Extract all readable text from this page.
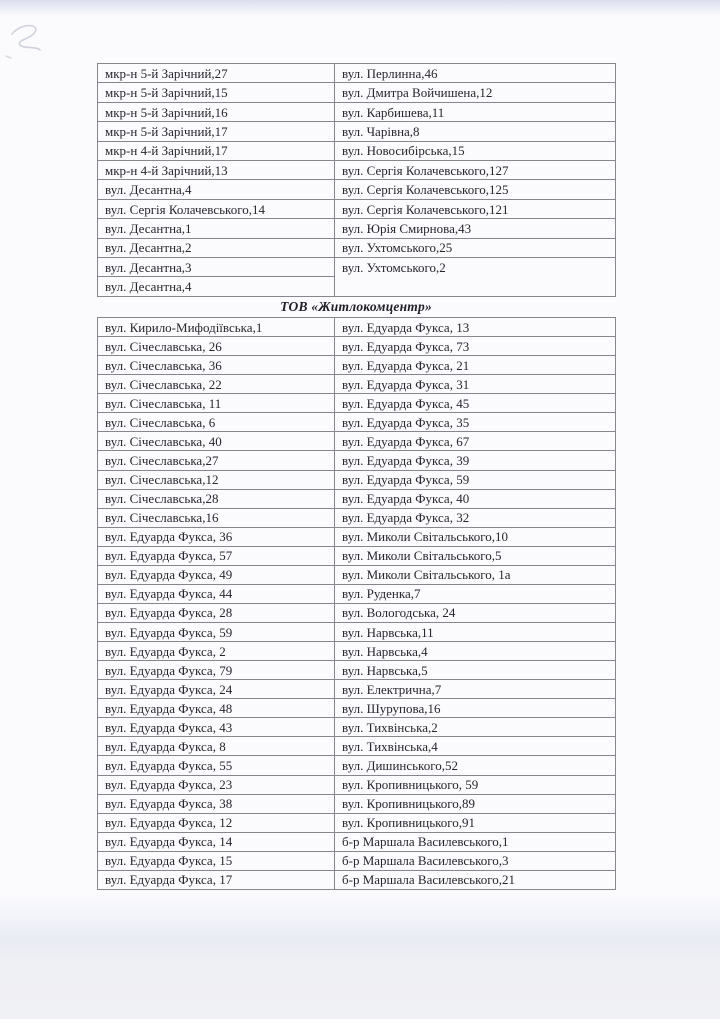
мкр-н 5-й Зарічний,27	вул. Перлинна,46
мкр-н 5-й Зарічний,15	вул. Дмитра Войчишена,12
мкр-н 5-й Зарічний,16	вул. Карбишева,11
мкр-н 5-й Зарічний,17	вул. Чарівна,8
мкр-н 4-й Зарічний,17	вул. Новосибірська,15
мкр-н 4-й Зарічний,13	вул. Сергія Колачевського,127
вул. Десантна,4	вул. Сергія Колачевського,125
вул. Сергія Колачевського,14	вул. Сергія Колачевського,121
вул. Десантна,1	вул. Юрія Смирнова,43
вул. Десантна,2	вул. Ухтомського,25
вул. Десантна,3	вул. Ухтомського,2
вул. Десантна,4	
ТОВ «Житлокомцентр»
вул. Кирило-Мифодіївська,1	вул. Едуарда Фукса, 13
вул. Січеславська, 26	вул. Едуарда Фукса, 73
вул. Січеславська, 36	вул. Едуарда Фукса, 21
вул. Січеславська, 22	вул. Едуарда Фукса, 31
вул. Січеславська, 11	вул. Едуарда Фукса, 45
вул. Січеславська, 6	вул. Едуарда Фукса, 35
вул. Січеславська, 40	вул. Едуарда Фукса, 67
вул. Січеславська,27	вул. Едуарда Фукса, 39
вул. Січеславська,12	вул. Едуарда Фукса, 59
вул. Січеславська,28	вул. Едуарда Фукса, 40
вул. Січеславська,16	вул. Едуарда Фукса, 32
вул. Едуарда Фукса, 36	вул. Миколи Світальського,10
вул. Едуарда Фукса, 57	вул. Миколи Світальського,5
вул. Едуарда Фукса, 49	вул. Миколи Світальського, 1а
вул. Едуарда Фукса, 44	вул. Руденка,7
вул. Едуарда Фукса, 28	вул. Вологодська, 24
вул. Едуарда Фукса, 59	вул. Нарвська,11
вул. Едуарда Фукса, 2	вул. Нарвська,4
вул. Едуарда Фукса, 79	вул. Нарвська,5
вул. Едуарда Фукса, 24	вул. Електрична,7
вул. Едуарда Фукса, 48	вул. Шурупова,16
вул. Едуарда Фукса, 43	вул. Тихвінська,2
вул. Едуарда Фукса, 8	вул. Тихвінська,4
вул. Едуарда Фукса, 55	вул. Дишинського,52
вул. Едуарда Фукса, 23	вул. Кропивницького, 59
вул. Едуарда Фукса, 38	вул. Кропивницького,89
вул. Едуарда Фукса, 12	вул. Кропивницького,91
вул. Едуарда Фукса, 14	б-р Маршала Василевського,1
вул. Едуарда Фукса, 15	б-р Маршала Василевського,3
вул. Едуарда Фукса, 17	б-р Маршала Василевського,21
